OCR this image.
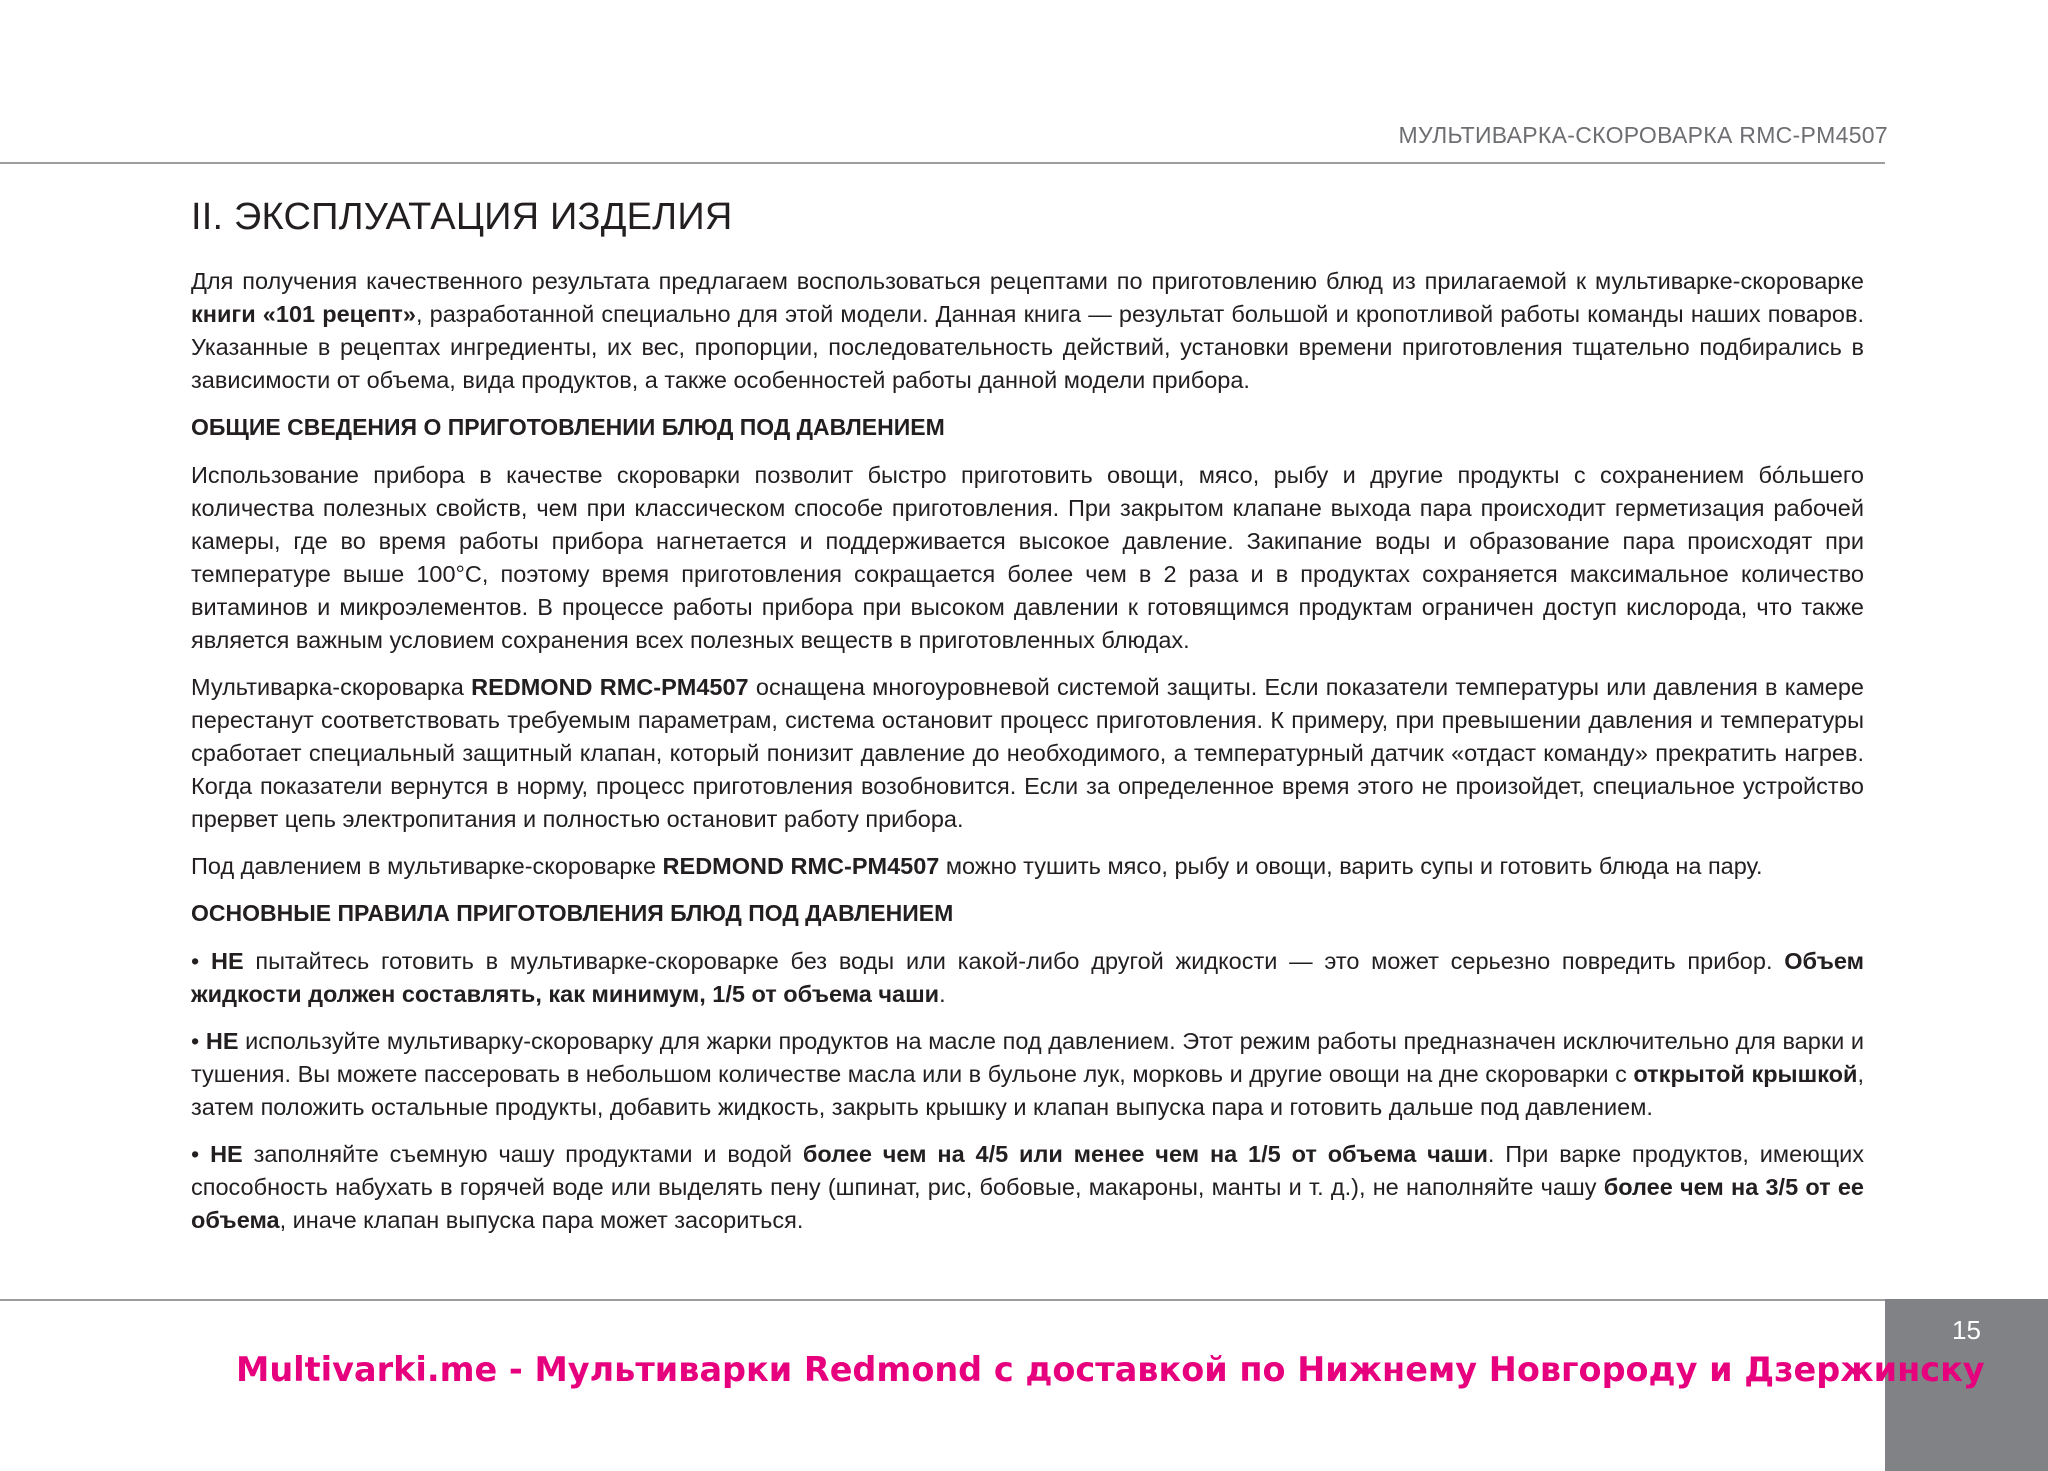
МУЛЬТИВАРКА-СКОРОВАРКА RMC-PM4507
II. ЭКСПЛУАТАЦИЯ ИЗДЕЛИЯ

Для получения качественного результата предлагаем воспользоваться рецептами по приготовлению блюд из прилагаемой к мультиварке-скороварке книги «101 рецепт», разработанной специально для этой модели. Данная книга — результат большой и кропотливой работы команды наших поваров. Указанные в рецептах ингредиенты, их вес, пропорции, последовательность действий, установки времени приготовления тщательно подбирались в зависимости от объема, вида продуктов, а также особенностей работы данной модели прибора.

ОБЩИЕ СВЕДЕНИЯ О ПРИГОТОВЛЕНИИ БЛЮД ПОД ДАВЛЕНИЕМ

Использование прибора в качестве скороварки позволит быстро приготовить овощи, мясо, рыбу и другие продукты с сохранением бóльшего количества полезных свойств, чем при классическом способе приготовления. При закрытом клапане выхода пара происходит герметизация рабочей камеры, где во время работы прибора нагнетается и поддерживается высокое давление. Закипание воды и образование пара происходят при температуре выше 100°С, поэтому время приготовления сокращается более чем в 2 раза и в продуктах сохраняется максимальное количество витаминов и микроэлементов. В процессе работы прибора при высоком давлении к готовящимся продуктам ограничен доступ кислорода, что также является важным условием сохранения всех полезных веществ в приготовленных блюдах.

Мультиварка-скороварка REDMOND RMC-PM4507 оснащена многоуровневой системой защиты. Если показатели температуры или давления в камере перестанут соответствовать требуемым параметрам, система остановит процесс приготовления. К примеру, при превышении давления и температуры сработает специальный защитный клапан, который понизит давление до необходимого, а температурный датчик «отдаст команду» прекратить нагрев. Когда показатели вернутся в норму, процесс приготовления возобновится. Если за определенное время этого не произойдет, специальное устройство прервет цепь электропитания и полностью остановит работу прибора.

Под давлением в мультиварке-скороварке REDMOND RMC-PM4507 можно тушить мясо, рыбу и овощи, варить супы и готовить блюда на пару.

ОСНОВНЫЕ ПРАВИЛА ПРИГОТОВЛЕНИЯ БЛЮД ПОД ДАВЛЕНИЕМ

• НЕ пытайтесь готовить в мультиварке-скороварке без воды или какой-либо другой жидкости — это может серьезно повредить прибор. Объем жидкости должен составлять, как минимум, 1/5 от объема чаши.

• НЕ используйте мультиварку-скороварку для жарки продуктов на масле под давлением. Этот режим работы предназначен исключительно для варки и тушения. Вы можете пассеровать в небольшом количестве масла или в бульоне лук, морковь и другие овощи на дне скороварки с открытой крышкой, затем положить остальные продукты, добавить жидкость, закрыть крышку и клапан выпуска пара и готовить дальше под давлением.

• НЕ заполняйте съемную чашу продуктами и водой более чем на 4/5 или менее чем на 1/5 от объема чаши. При варке продуктов, имеющих способность набухать в горячей воде или выделять пену (шпинат, рис, бобовые, макароны, манты и т. д.), не наполняйте чашу более чем на 3/5 от ее объема, иначе клапан выпуска пара может засориться.

15
Multivarki.me - Мультиварки Redmond с доставкой по Нижнему Новгороду и Дзержинску
